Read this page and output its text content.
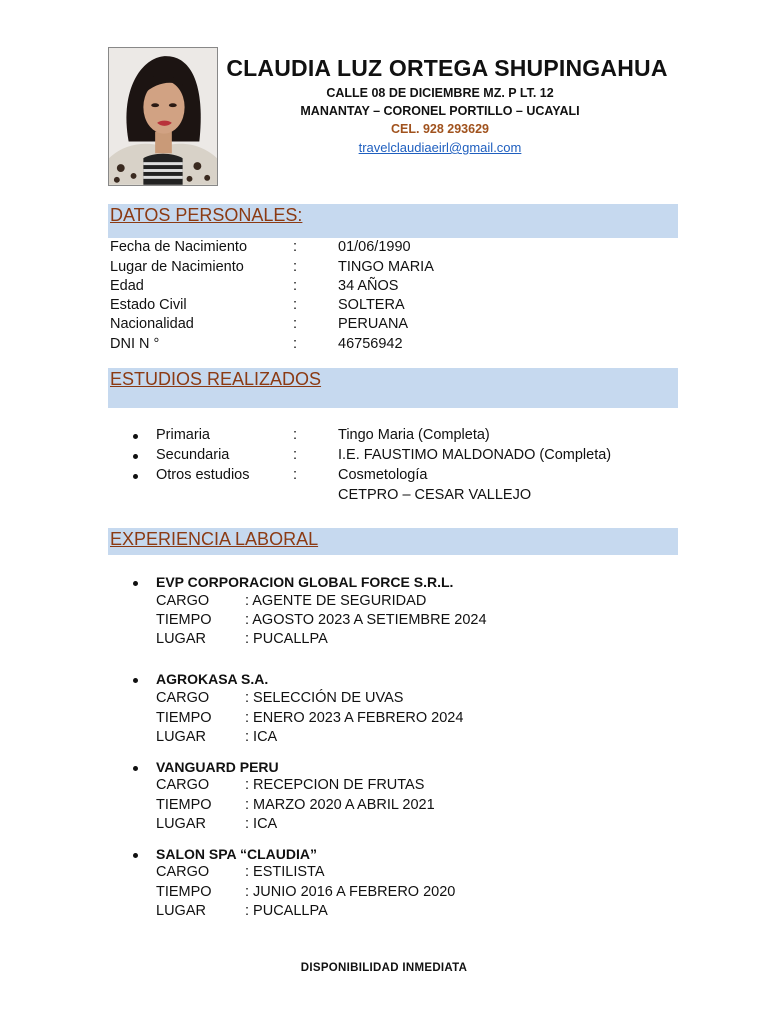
CLAUDIA LUZ ORTEGA SHUPINGAHUA
CALLE 08 DE DICIEMBRE MZ. P LT. 12
MANANTAY – CORONEL PORTILLO – UCAYALI
CEL. 928 293629
travelclaudiaeirl@gmail.com
DATOS PERSONALES:
Fecha de Nacimiento	:	01/06/1990
Lugar de Nacimiento	:	TINGO MARIA
Edad	:	34 AÑOS
Estado Civil	:	SOLTERA
Nacionalidad	:	PERUANA
DNI N °	:	46756942
ESTUDIOS REALIZADOS
Primaria	:	Tingo Maria (Completa)
Secundaria	:	I.E. FAUSTIMO MALDONADO (Completa)
Otros estudios	:	Cosmetología
CETPRO – CESAR VALLEJO
EXPERIENCIA LABORAL
EVP CORPORACION GLOBAL FORCE S.R.L.
CARGO : AGENTE DE SEGURIDAD
TIEMPO : AGOSTO 2023 A SETIEMBRE 2024
LUGAR	: PUCALLPA
AGROKASA S.A.
CARGO : SELECCIÓN DE UVAS
TIEMPO : ENERO 2023 A FEBRERO 2024
LUGAR	: ICA
VANGUARD PERU
CARGO : RECEPCION DE FRUTAS
TIEMPO : MARZO 2020 A ABRIL 2021
LUGAR	: ICA
SALON SPA “CLAUDIA”
CARGO : ESTILISTA
TIEMPO : JUNIO 2016 A FEBRERO 2020
LUGAR	: PUCALLPA
DISPONIBILIDAD INMEDIATA
